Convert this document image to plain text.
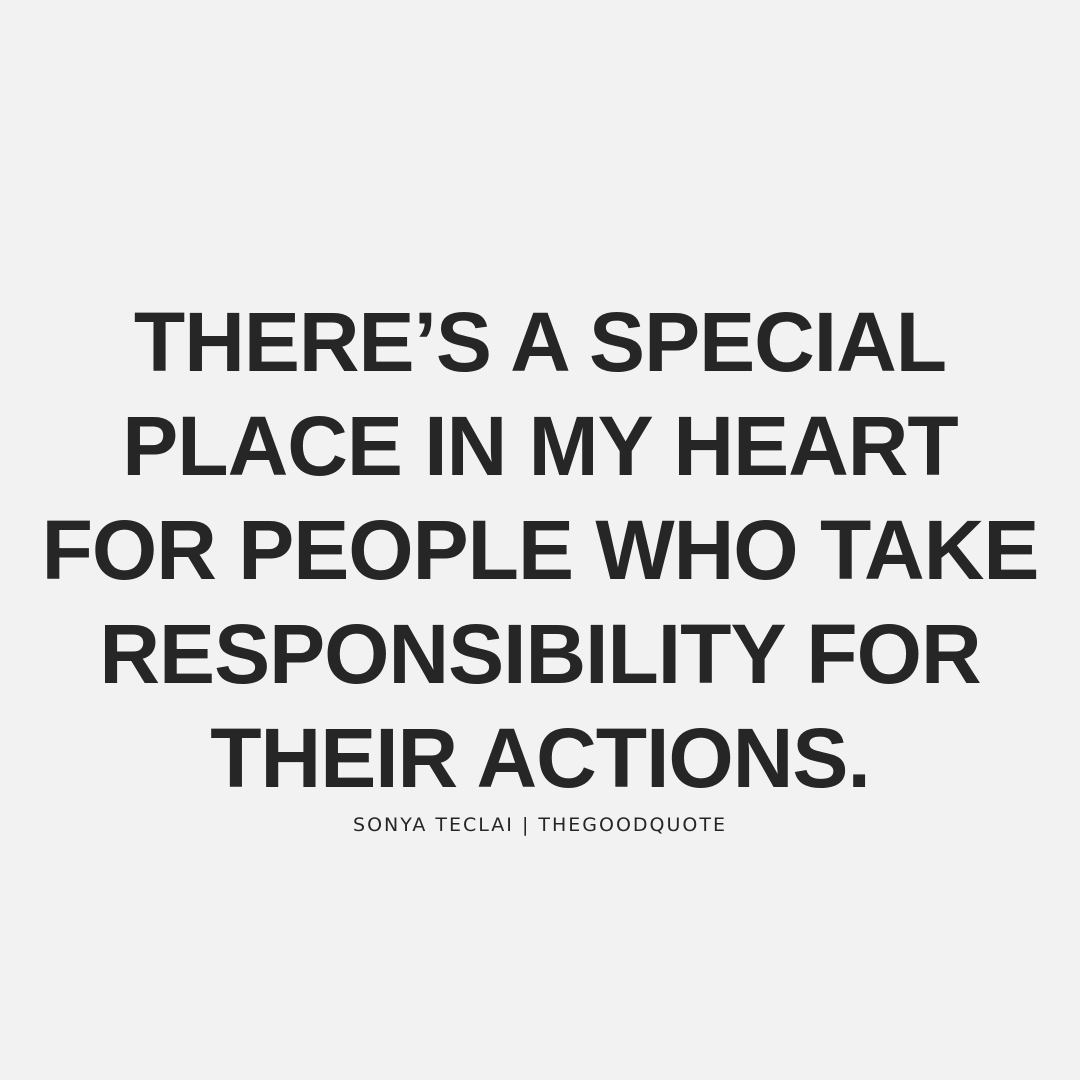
THERE’S A SPECIAL
PLACE IN MY HEART
FOR PEOPLE WHO TAKE
RESPONSIBILITY FOR
THEIR ACTIONS.
SONYA TECLAI | THEGOODQUOTE
